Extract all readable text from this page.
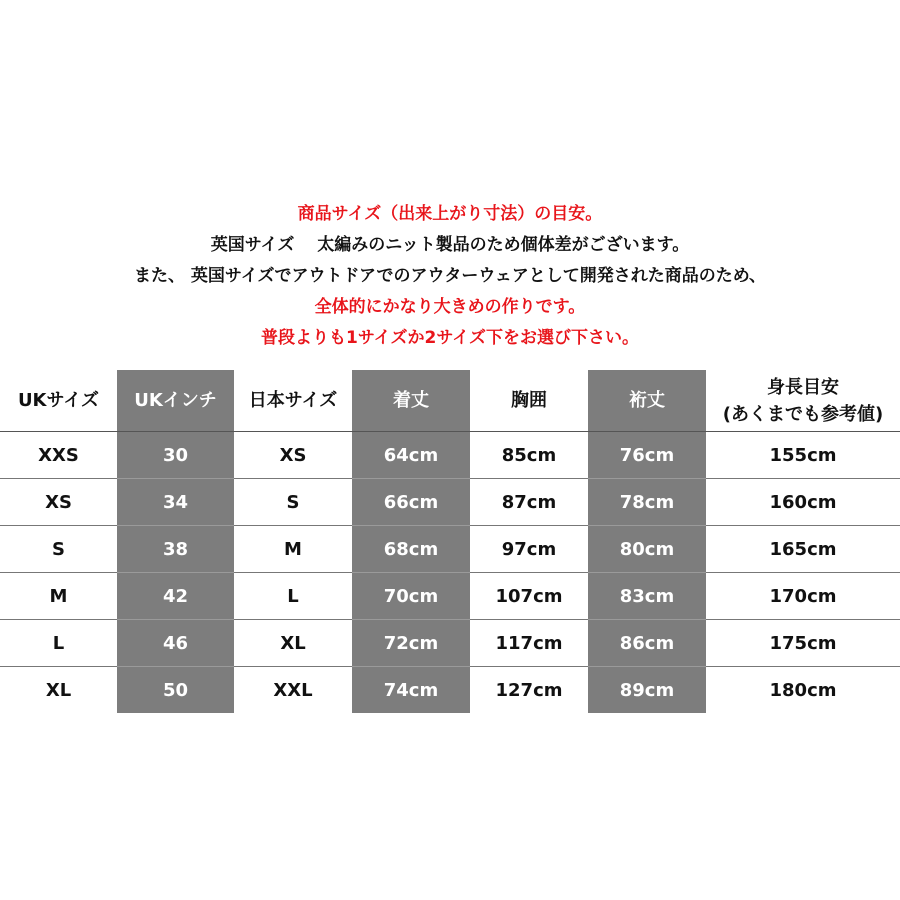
商品サイズ（出来上がり寸法）の目安。
英国サイズ　 太編みのニット製品のため個体差がございます。
また、 英国サイズでアウトドアでのアウターウェアとして開発された商品のため、
全体的にかなり大きめの作りです。
普段よりも1サイズか2サイズ下をお選び下さい。
UKサイズ	UKインチ	日本サイズ	着丈	胸囲	裄丈	身長目安
(あくまでも参考値)

XXS	30	XS	64cm	85cm	76cm	155cm
XS	34	S	66cm	87cm	78cm	160cm
S	38	M	68cm	97cm	80cm	165cm
M	42	L	70cm	107cm	83cm	170cm
L	46	XL	72cm	117cm	86cm	175cm
XL	50	XXL	74cm	127cm	89cm	180cm
